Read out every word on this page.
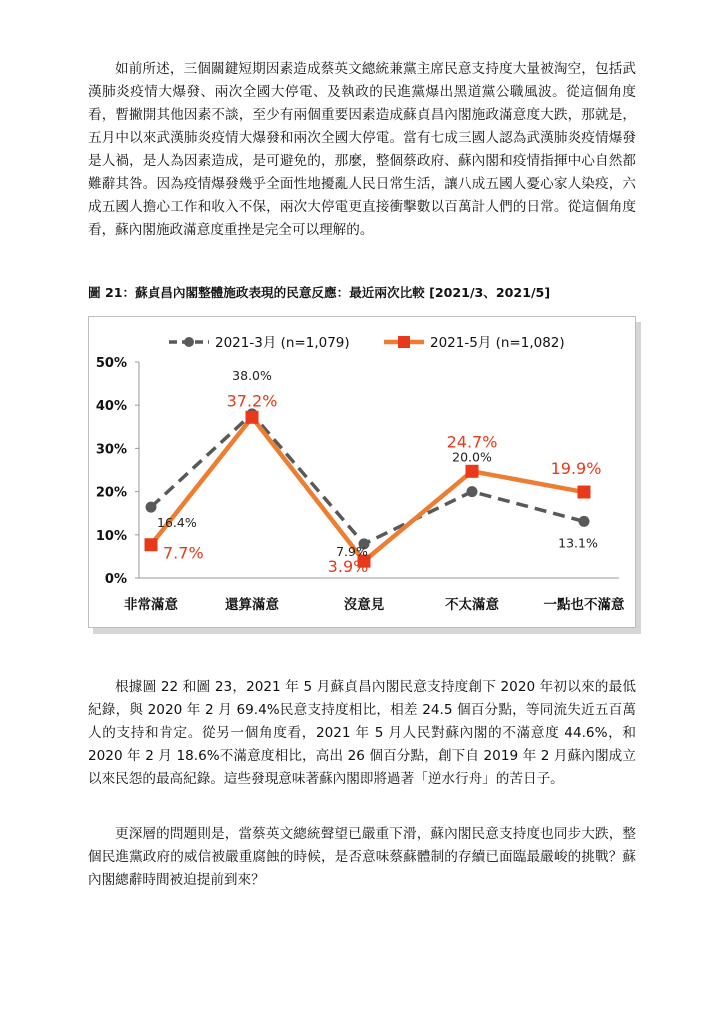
如前所述，三個關鍵短期因素造成蔡英文總統兼黨主席民意支持度大量被淘空，包括武漢肺炎疫情大爆發、兩次全國大停電、及執政的民進黨爆出黑道黨公職風波。從這個角度看，暫撇開其他因素不談，至少有兩個重要因素造成蘇貞昌內閣施政滿意度大跌，那就是，五月中以來武漢肺炎疫情大爆發和兩次全國大停電。當有七成三國人認為武漢肺炎疫情爆發是人禍，是人為因素造成，是可避免的，那麼，整個蔡政府、蘇內閣和疫情指揮中心自然都難辭其咎。因為疫情爆發幾乎全面性地擾亂人民日常生活，讓八成五國人憂心家人染疫，六成五國人擔心工作和收入不保，兩次大停電更直接衝擊數以百萬計人們的日常。從這個角度看，蘇內閣施政滿意度重挫是完全可以理解的。

圖 21：蘇貞昌內閣整體施政表現的民意反應：最近兩次比較 [2021/3、2021/5]
0%
10%
20%
30%
40%
50%
非常滿意	還算滿意	沒意見	不太滿意	一點也不滿意
16.4%
38.0%
7.9%
20.0%
13.1%
7.7%
37.2%
3.9%
24.7%
19.9%
2021-3月 (n=1,079)	2021-5月 (n=1,082)

根據圖 22 和圖 23，2021 年 5 月蘇貞昌內閣民意支持度創下 2020 年初以來的最低紀錄，與 2020 年 2 月 69.4%民意支持度相比，相差 24.5 個百分點，等同流失近五百萬人的支持和肯定。從另一個角度看，2021 年 5 月人民對蘇內閣的不滿意度 44.6%，和 2020 年 2 月 18.6%不滿意度相比，高出 26 個百分點，創下自 2019 年 2 月蘇內閣成立以來民怨的最高紀錄。這些發現意味著蘇內閣即將過著「逆水行舟」的苦日子。

更深層的問題則是，當蔡英文總統聲望已嚴重下滑，蘇內閣民意支持度也同步大跌，整個民進黨政府的威信被嚴重腐蝕的時候，是否意味蔡蘇體制的存續已面臨最嚴峻的挑戰？蘇內閣總辭時間被迫提前到來？
